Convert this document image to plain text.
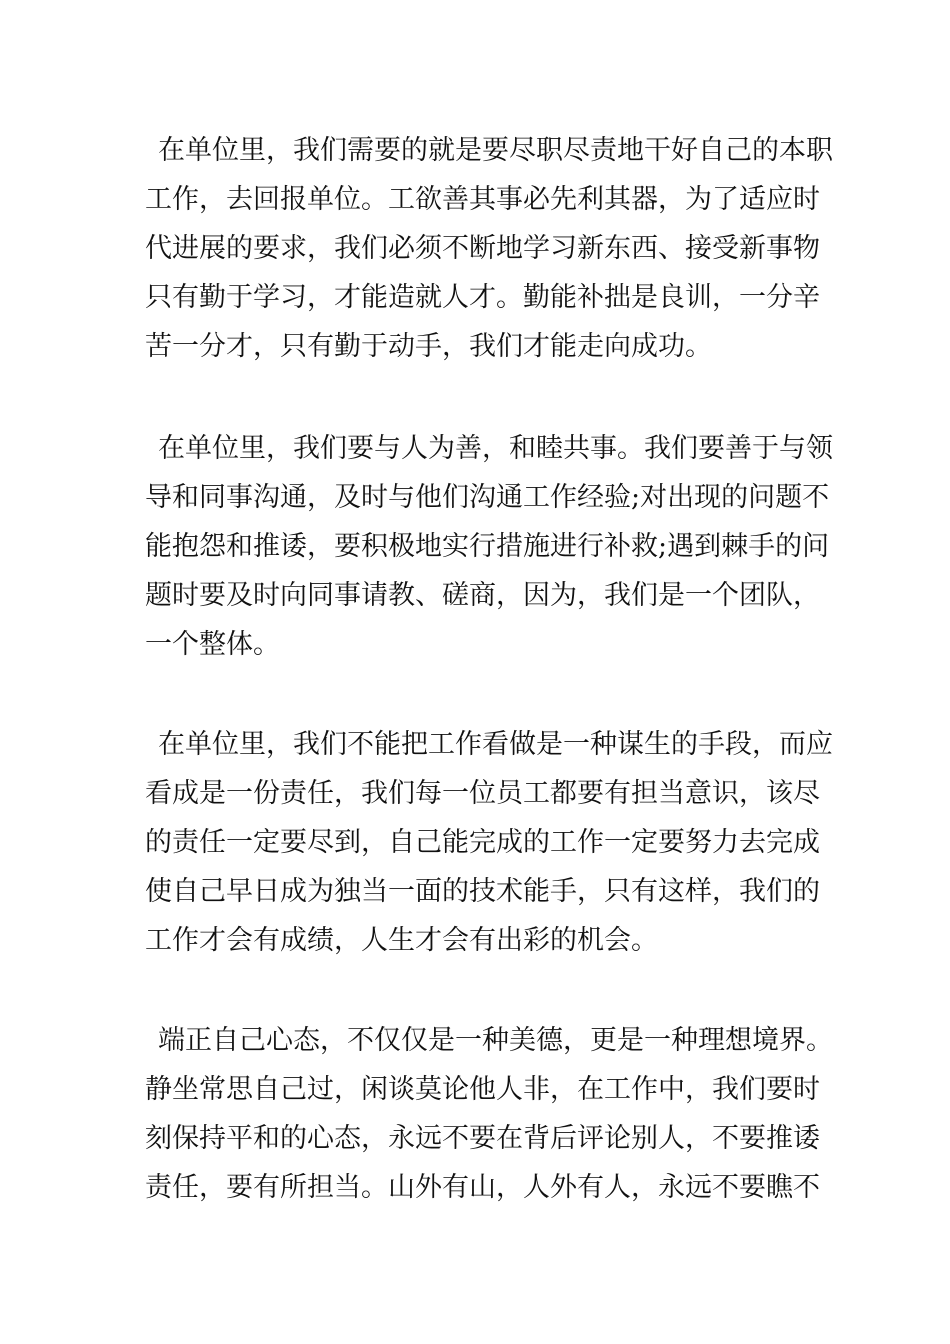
在单位里，我们需要的就是要尽职尽责地干好自己的本职
工作，去回报单位。工欲善其事必先利其器，为了适应时
代进展的要求，我们必须不断地学习新东西、接受新事物
只有勤于学习，才能造就人才。勤能补拙是良训，一分辛
苦一分才，只有勤于动手，我们才能走向成功。

在单位里，我们要与人为善，和睦共事。我们要善于与领
导和同事沟通，及时与他们沟通工作经验;对出现的问题不
能抱怨和推诿，要积极地实行措施进行补救;遇到棘手的问
题时要及时向同事请教、磋商，因为，我们是一个团队，
一个整体。

在单位里，我们不能把工作看做是一种谋生的手段，而应
看成是一份责任，我们每一位员工都要有担当意识，该尽
的责任一定要尽到，自己能完成的工作一定要努力去完成
使自己早日成为独当一面的技术能手，只有这样，我们的
工作才会有成绩，人生才会有出彩的机会。

端正自己心态，不仅仅是一种美德，更是一种理想境界。
静坐常思自己过，闲谈莫论他人非，在工作中，我们要时
刻保持平和的心态，永远不要在背后评论别人，不要推诿
责任，要有所担当。山外有山，人外有人，永远不要瞧不
